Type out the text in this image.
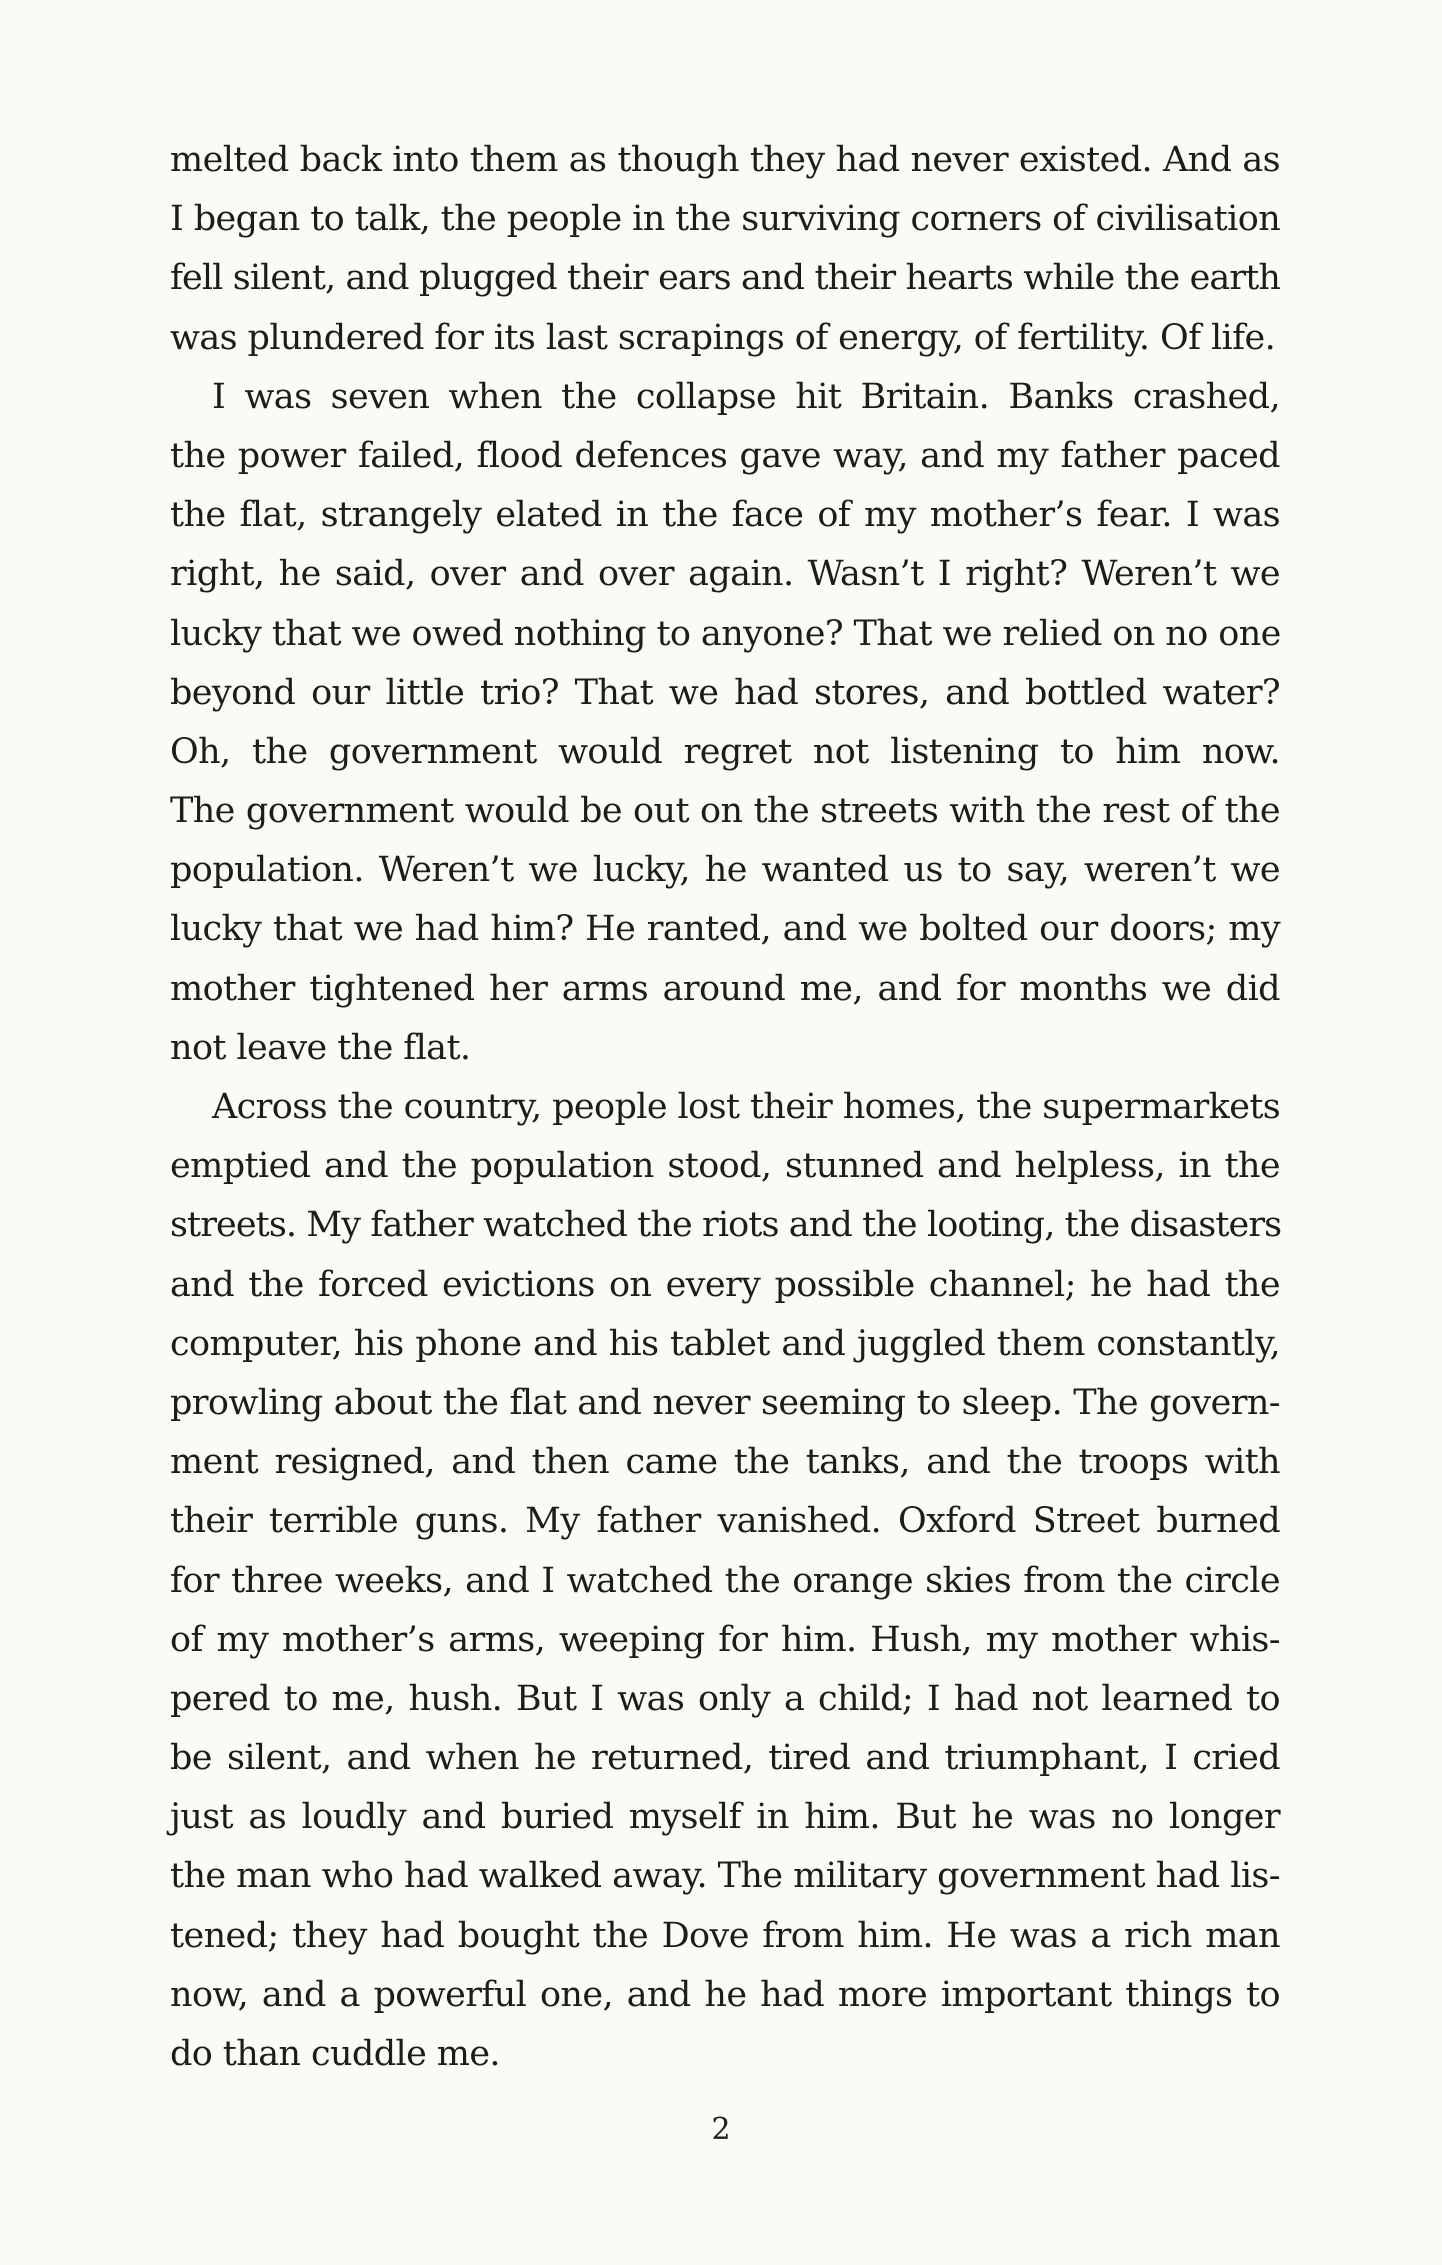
melted back into them as though they had never existed. And as
I began to talk, the people in the surviving corners of civilisation
fell silent, and plugged their ears and their hearts while the earth
was plundered for its last scrapings of energy, of fertility. Of life.
I was seven when the collapse hit Britain. Banks crashed,
the power failed, flood defences gave way, and my father paced
the flat, strangely elated in the face of my mother’s fear. I was
right, he said, over and over again. Wasn’t I right? Weren’t we
lucky that we owed nothing to anyone? That we relied on no one
beyond our little trio? That we had stores, and bottled water?
Oh, the government would regret not listening to him now.
The government would be out on the streets with the rest of the
population. Weren’t we lucky, he wanted us to say, weren’t we
lucky that we had him? He ranted, and we bolted our doors; my
mother tightened her arms around me, and for months we did
not leave the flat.
Across the country, people lost their homes, the supermarkets
emptied and the population stood, stunned and helpless, in the
streets. My father watched the riots and the looting, the disasters
and the forced evictions on every possible channel; he had the
computer, his phone and his tablet and juggled them constantly,
prowling about the flat and never seeming to sleep. The govern-
ment resigned, and then came the tanks, and the troops with
their terrible guns. My father vanished. Oxford Street burned
for three weeks, and I watched the orange skies from the circle
of my mother’s arms, weeping for him. Hush, my mother whis-
pered to me, hush. But I was only a child; I had not learned to
be silent, and when he returned, tired and triumphant, I cried
just as loudly and buried myself in him. But he was no longer
the man who had walked away. The military government had lis-
tened; they had bought the Dove from him. He was a rich man
now, and a powerful one, and he had more important things to
do than cuddle me.
2
